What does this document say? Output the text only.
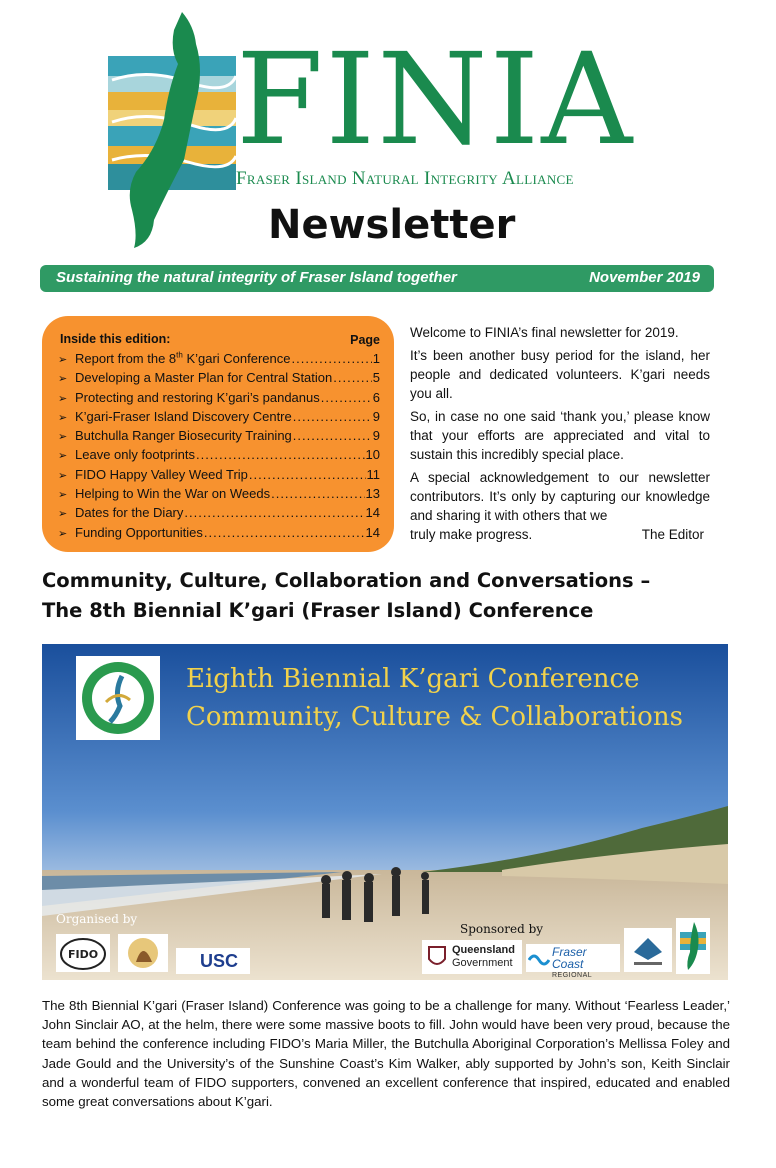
FINIA
Fraser Island Natural Integrity Alliance
Newsletter
Sustaining the natural integrity of Fraser Island together	November 2019
Inside this edition:	Page
➢ Report from the 8th K’gari Conference .....	1
➢ Developing a Master Plan for Central Station .....	5
➢ Protecting and restoring K’gari’s pandanus .....	6
➢ K’gari-Fraser Island Discovery Centre .....	9
➢ Butchulla Ranger Biosecurity Training .....	9
➢ Leave only footprints .....	10
➢ FIDO Happy Valley Weed Trip .....	11
➢ Helping to Win the War on Weeds .....	13
➢ Dates for the Diary .....	14
➢ Funding Opportunities .....	14

Welcome to FINIA’s final newsletter for 2019.

It’s been another busy period for the island, her people and dedicated volunteers. K’gari needs you all.

So, in case no one said ‘thank you,’ please know that your efforts are appreciated and vital to sustain this incredibly special place.

A special acknowledgement to our newsletter contributors. It’s only by capturing our knowledge and sharing it with others that we
truly make progress.	The Editor

Community, Culture, Collaboration and Conversations –
The 8th Biennial K’gari (Fraser Island) Conference
Eighth Biennial K’gari Conference
Community, Culture & Collaborations
Organised by
Sponsored by
FIDO	USC
Queensland
Government
Fraser Coast
REGIONAL

The 8th Biennial K’gari (Fraser Island) Conference was going to be a challenge for many. Without ‘Fearless Leader,’ John Sinclair AO, at the helm, there were some massive boots to fill. John would have been very proud, because the team behind the conference including FIDO’s Maria Miller, the Butchulla Aboriginal Corporation’s Mellissa Foley and Jade Gould and the University’s of the Sunshine Coast’s Kim Walker, ably supported by John’s son, Keith Sinclair and a wonderful team of FIDO supporters, convened an excellent conference that inspired, educated and enabled some great conversations about K’gari.
